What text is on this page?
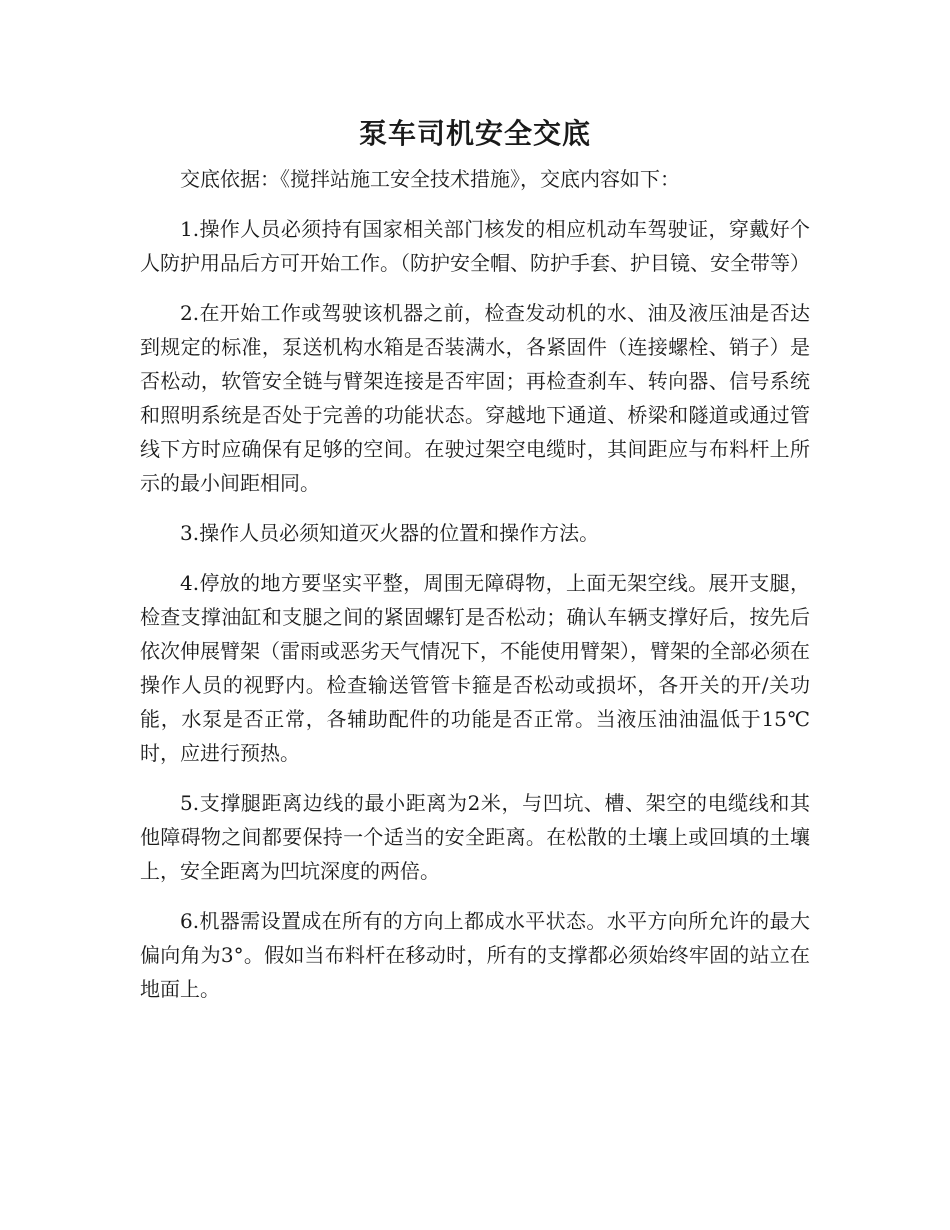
泵车司机安全交底

交底依据：《搅拌站施工安全技术措施》，交底内容如下：

1.操作人员必须持有国家相关部门核发的相应机动车驾驶证，穿戴好个人防护用品后方可开始工作。（防护安全帽、防护手套、护目镜、安全带等）

2.在开始工作或驾驶该机器之前，检查发动机的水、油及液压油是否达到规定的标准，泵送机构水箱是否装满水，各紧固件（连接螺栓、销子）是否松动，软管安全链与臂架连接是否牢固；再检查刹车、转向器、信号系统和照明系统是否处于完善的功能状态。穿越地下通道、桥梁和隧道或通过管线下方时应确保有足够的空间。在驶过架空电缆时，其间距应与布料杆上所示的最小间距相同。

3.操作人员必须知道灭火器的位置和操作方法。

4.停放的地方要坚实平整，周围无障碍物，上面无架空线。展开支腿，检查支撑油缸和支腿之间的紧固螺钉是否松动；确认车辆支撑好后，按先后依次伸展臂架（雷雨或恶劣天气情况下，不能使用臂架），臂架的全部必须在操作人员的视野内。检查输送管管卡箍是否松动或损坏，各开关的开/关功能，水泵是否正常，各辅助配件的功能是否正常。当液压油油温低于15℃时，应进行预热。

5.支撑腿距离边线的最小距离为2米，与凹坑、槽、架空的电缆线和其他障碍物之间都要保持一个适当的安全距离。在松散的土壤上或回填的土壤上，安全距离为凹坑深度的两倍。

6.机器需设置成在所有的方向上都成水平状态。水平方向所允许的最大偏向角为3°。假如当布料杆在移动时，所有的支撑都必须始终牢固的站立在地面上。
